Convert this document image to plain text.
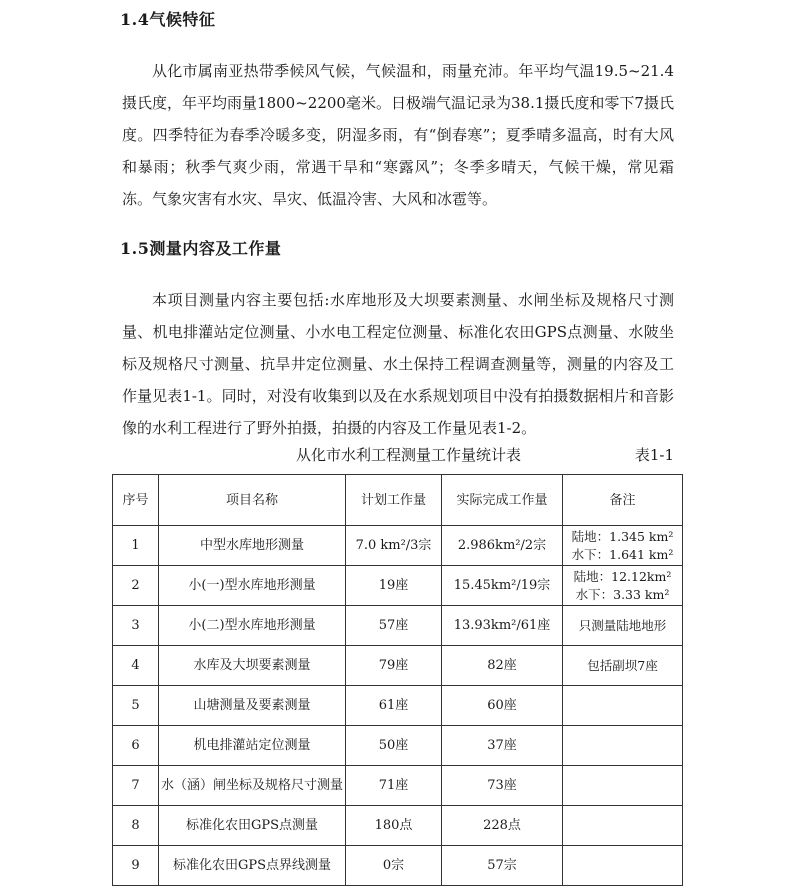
1.4气候特征

从化市属南亚热带季候风气候，气候温和，雨量充沛。年平均气温19.5~21.4摄氏度，年平均雨量1800~2200毫米。日极端气温记录为38.1摄氏度和零下7摄氏度。四季特征为春季冷暖多变，阴湿多雨，有“倒春寒”；夏季晴多温高，时有大风和暴雨；秋季气爽少雨，常遇干旱和“寒露风”；冬季多晴天，气候干燥，常见霜冻。气象灾害有水灾、旱灾、低温冷害、大风和冰雹等。

1.5测量内容及工作量

本项目测量内容主要包括:水库地形及大坝要素测量、水闸坐标及规格尺寸测量、机电排灌站定位测量、小水电工程定位测量、标准化农田GPS点测量、水陂坐标及规格尺寸测量、抗旱井定位测量、水土保持工程调查测量等，测量的内容及工作量见表1-1。同时，对没有收集到以及在水系规划项目中没有拍摄数据相片和音影像的水利工程进行了野外拍摄，拍摄的内容及工作量见表1-2。

从化市水利工程测量工作量统计表	表1-1
序号	项目名称	计划工作量	实际完成工作量	备注
1	中型水库地形测量	7.0 km²/3宗	2.986km²/2宗	陆地：1.345 km²
水下：1.641 km²

2	小(一)型水库地形测量	19座	15.45km²/19宗	陆地：12.12km²
水下：3.33 km²

3	小(二)型水库地形测量	57座	13.93km²/61座	只测量陆地地形

4	水库及大坝要素测量	79座	82座	包括副坝7座

5	山塘测量及要素测量	61座	60座	

6	机电排灌站定位测量	50座	37座	

7	水（涵）闸坐标及规格尺寸测量	71座	73座	

8	标准化农田GPS点测量	180点	228点	

9	标准化农田GPS点界线测量	0宗	57宗	
